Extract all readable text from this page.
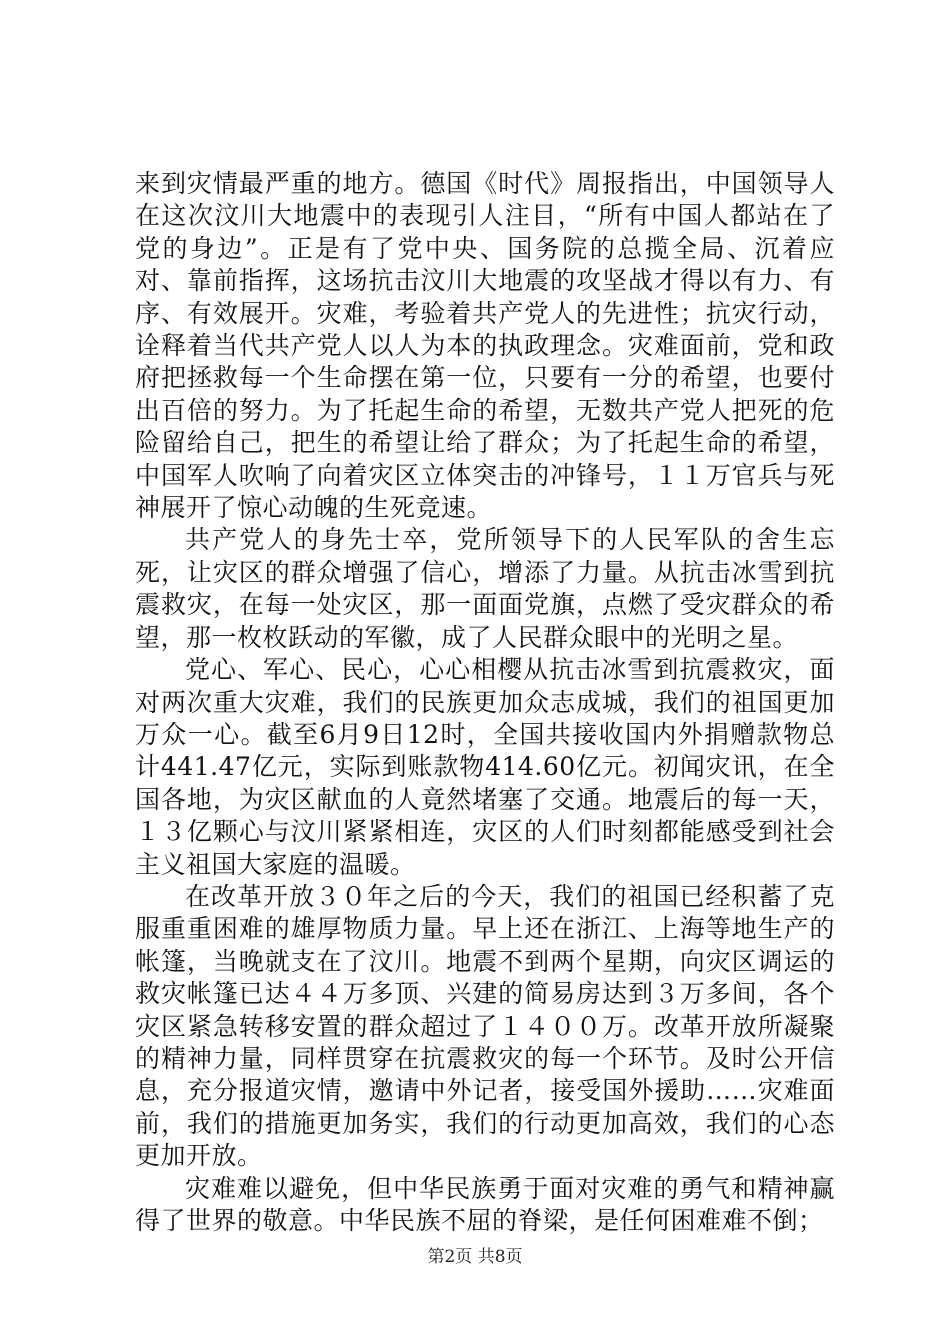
来到灾情最严重的地方。德国《时代》周报指出，中国领导人在这次汶川大地震中的表现引人注目，“所有中国人都站在了党的身边”。正是有了党中央、国务院的总揽全局、沉着应对、靠前指挥，这场抗击汶川大地震的攻坚战才得以有力、有序、有效展开。灾难，考验着共产党人的先进性；抗灾行动，诠释着当代共产党人以人为本的执政理念。灾难面前，党和政府把拯救每一个生命摆在第一位，只要有一分的希望，也要付出百倍的努力。为了托起生命的希望，无数共产党人把死的危险留给自己，把生的希望让给了群众；为了托起生命的希望，中国军人吹响了向着灾区立体突击的冲锋号，１１万官兵与死神展开了惊心动魄的生死竞速。

共产党人的身先士卒，党所领导下的人民军队的舍生忘死，让灾区的群众增强了信心，增添了力量。从抗击冰雪到抗震救灾，在每一处灾区，那一面面党旗，点燃了受灾群众的希望，那一枚枚跃动的军徽，成了人民群众眼中的光明之星。

党心、军心、民心，心心相樱从抗击冰雪到抗震救灾，面对两次重大灾难，我们的民族更加众志成城，我们的祖国更加万众一心。截至6月9日12时，全国共接收国内外捐赠款物总计441.47亿元，实际到账款物414.60亿元。初闻灾讯，在全国各地，为灾区献血的人竟然堵塞了交通。地震后的每一天，１３亿颗心与汶川紧紧相连，灾区的人们时刻都能感受到社会主义祖国大家庭的温暖。

在改革开放３０年之后的今天，我们的祖国已经积蓄了克服重重困难的雄厚物质力量。早上还在浙江、上海等地生产的帐篷，当晚就支在了汶川。地震不到两个星期，向灾区调运的救灾帐篷已达４４万多顶、兴建的简易房达到３万多间，各个灾区紧急转移安置的群众超过了１４００万。改革开放所凝聚的精神力量，同样贯穿在抗震救灾的每一个环节。及时公开信息，充分报道灾情，邀请中外记者，接受国外援助……灾难面前，我们的措施更加务实，我们的行动更加高效，我们的心态更加开放。

灾难难以避免，但中华民族勇于面对灾难的勇气和精神赢得了世界的敬意。中华民族不屈的脊梁，是任何困难难不倒；

第2页 共8页
